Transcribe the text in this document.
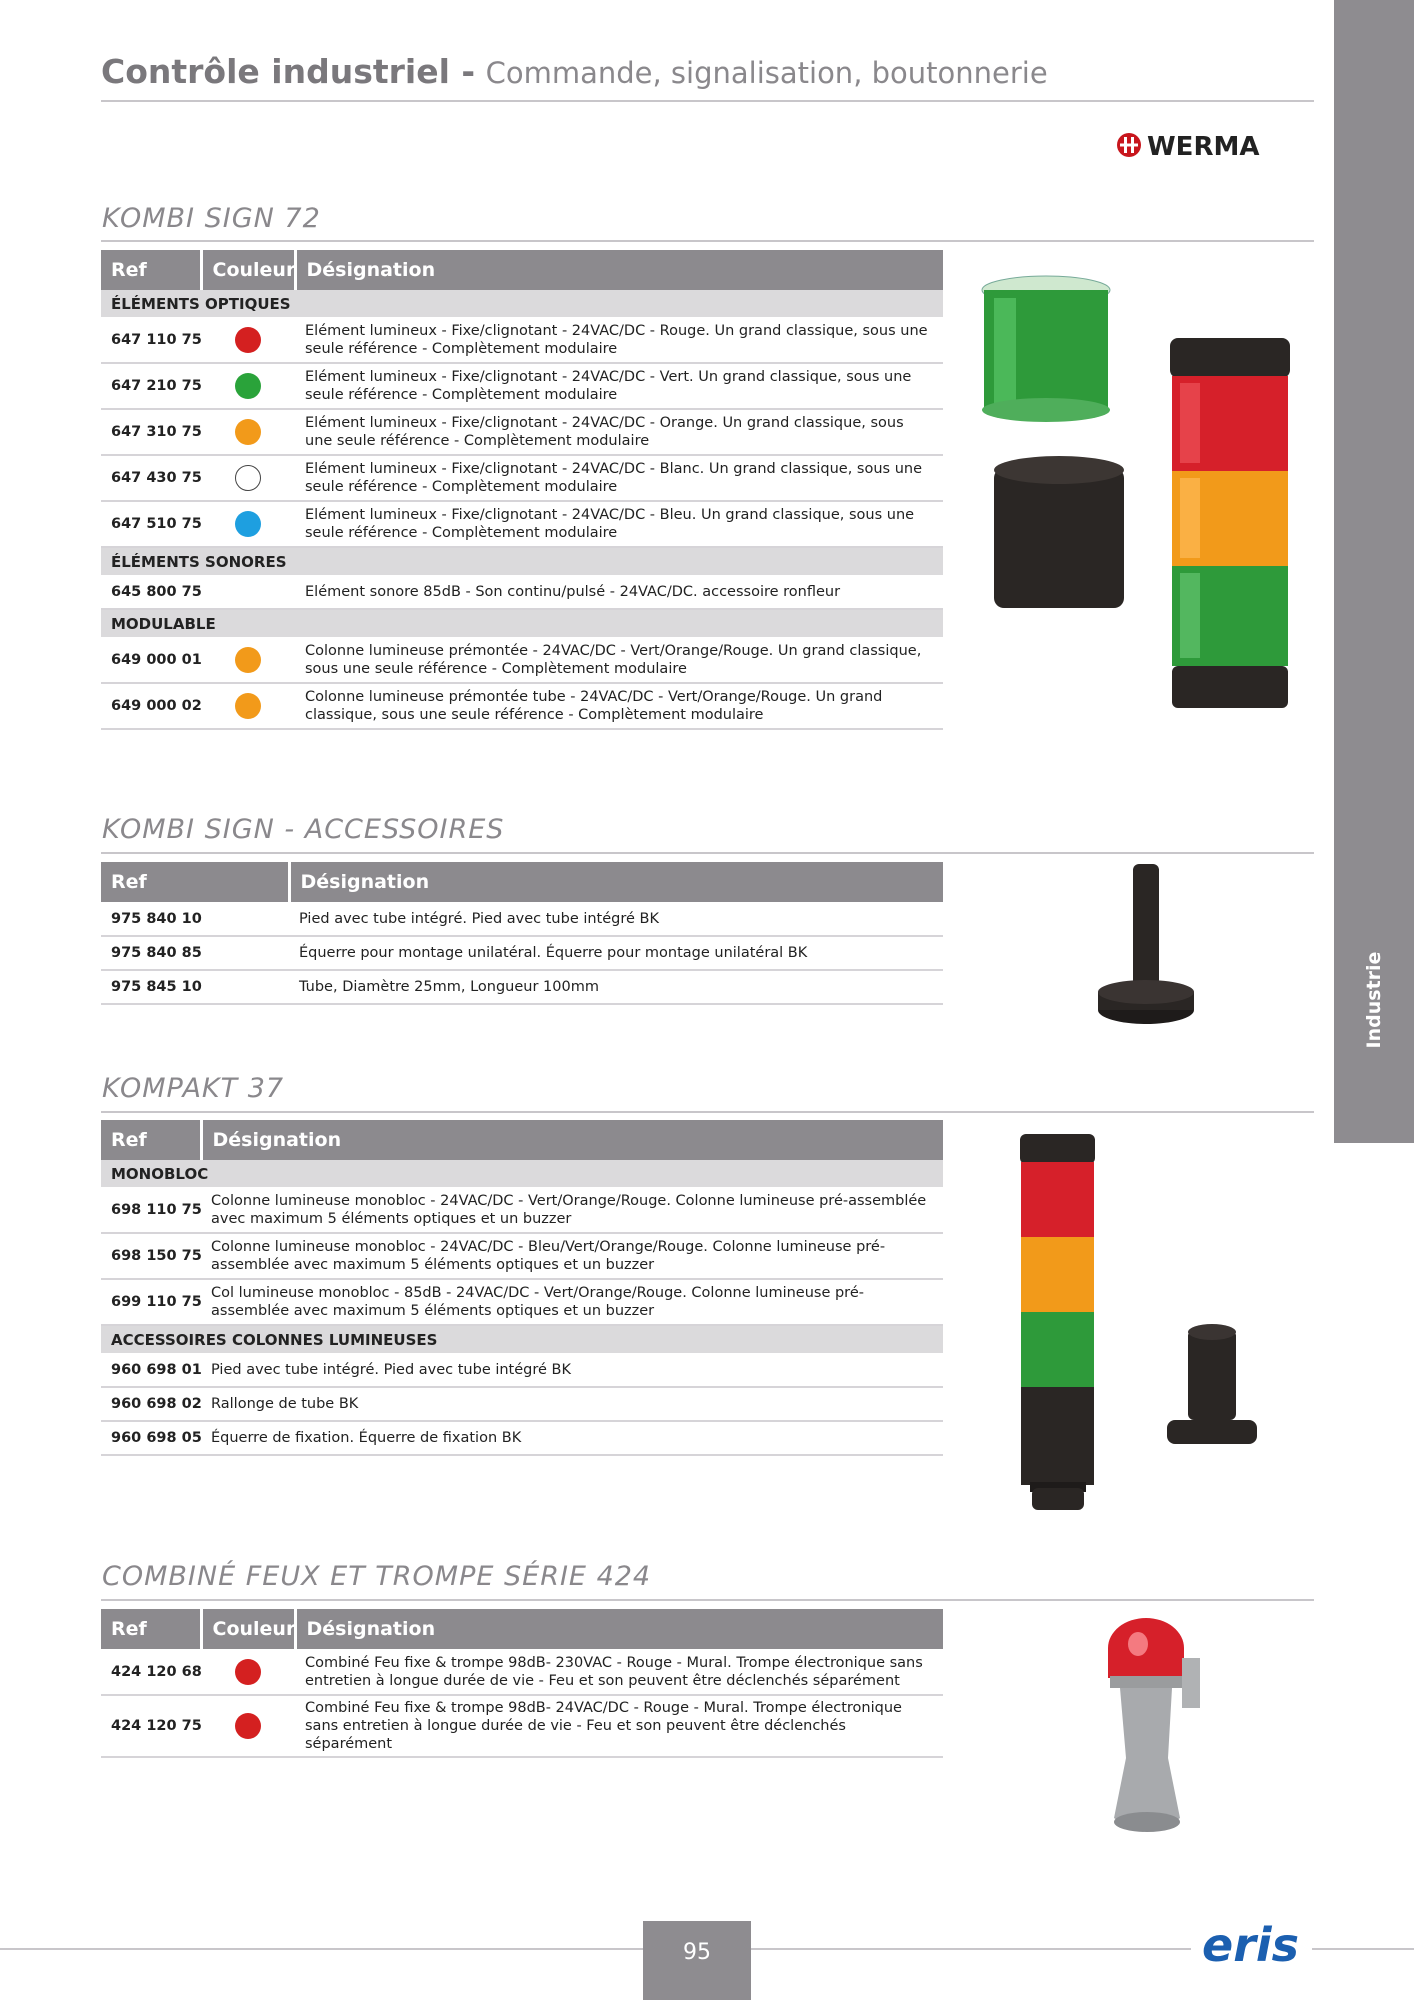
Industrie
Contrôle industriel - Commande, signalisation, boutonnerie
WERMA
KOMBI SIGN 72
Ref	Couleur	Désignation
ÉLÉMENTS OPTIQUES		
647 110 75		Elément lumineux - Fixe/clignotant - 24VAC/DC - Rouge. Un grand classique, sous une seule référence - Complètement modulaire
647 210 75		Elément lumineux - Fixe/clignotant - 24VAC/DC - Vert. Un grand classique, sous une seule référence - Complètement modulaire
647 310 75		Elément lumineux - Fixe/clignotant - 24VAC/DC - Orange. Un grand classique, sous une seule référence - Complètement modulaire
647 430 75		Elément lumineux - Fixe/clignotant - 24VAC/DC - Blanc. Un grand classique, sous une seule référence - Complètement modulaire
647 510 75		Elément lumineux - Fixe/clignotant - 24VAC/DC - Bleu. Un grand classique, sous une seule référence - Complètement modulaire
ÉLÉMENTS SONORES		
645 800 75		Elément sonore 85dB - Son continu/pulsé - 24VAC/DC. accessoire ronfleur
MODULABLE		
649 000 01		Colonne lumineuse prémontée - 24VAC/DC - Vert/Orange/Rouge. Un grand classique, sous une seule référence - Complètement modulaire
649 000 02		Colonne lumineuse prémontée tube - 24VAC/DC - Vert/Orange/Rouge. Un grand classique, sous une seule référence - Complètement modulaire
KOMBI SIGN - ACCESSOIRES
Ref	Désignation
975 840 10	Pied avec tube intégré. Pied avec tube intégré BK
975 840 85	Équerre pour montage unilatéral. Équerre pour montage unilatéral BK
975 845 10	Tube, Diamètre 25mm, Longueur 100mm
KOMPAKT 37
Ref	Désignation
MONOBLOC	
698 110 75	Colonne lumineuse monobloc - 24VAC/DC - Vert/Orange/Rouge. Colonne lumineuse pré-assemblée avec maximum 5 éléments optiques et un buzzer
698 150 75	Colonne lumineuse monobloc - 24VAC/DC - Bleu/Vert/Orange/Rouge. Colonne lumineuse pré-assemblée avec maximum 5 éléments optiques et un buzzer
699 110 75	Col lumineuse monobloc - 85dB - 24VAC/DC - Vert/Orange/Rouge. Colonne lumineuse pré-assemblée avec maximum 5 éléments optiques et un buzzer
ACCESSOIRES COLONNES LUMINEUSES	
960 698 01	Pied avec tube intégré. Pied avec tube intégré BK
960 698 02	Rallonge de tube BK
960 698 05	Équerre de fixation. Équerre de fixation BK
COMBINÉ FEUX ET TROMPE SÉRIE 424
Ref	Couleur	Désignation
424 120 68		Combiné Feu fixe & trompe 98dB- 230VAC - Rouge - Mural. Trompe électronique sans entretien à longue durée de vie - Feu et son peuvent être déclenchés séparément
424 120 75		Combiné Feu fixe & trompe 98dB- 24VAC/DC - Rouge - Mural. Trompe électronique sans entretien à longue durée de vie - Feu et son peuvent être déclenchés séparément
95	eris
